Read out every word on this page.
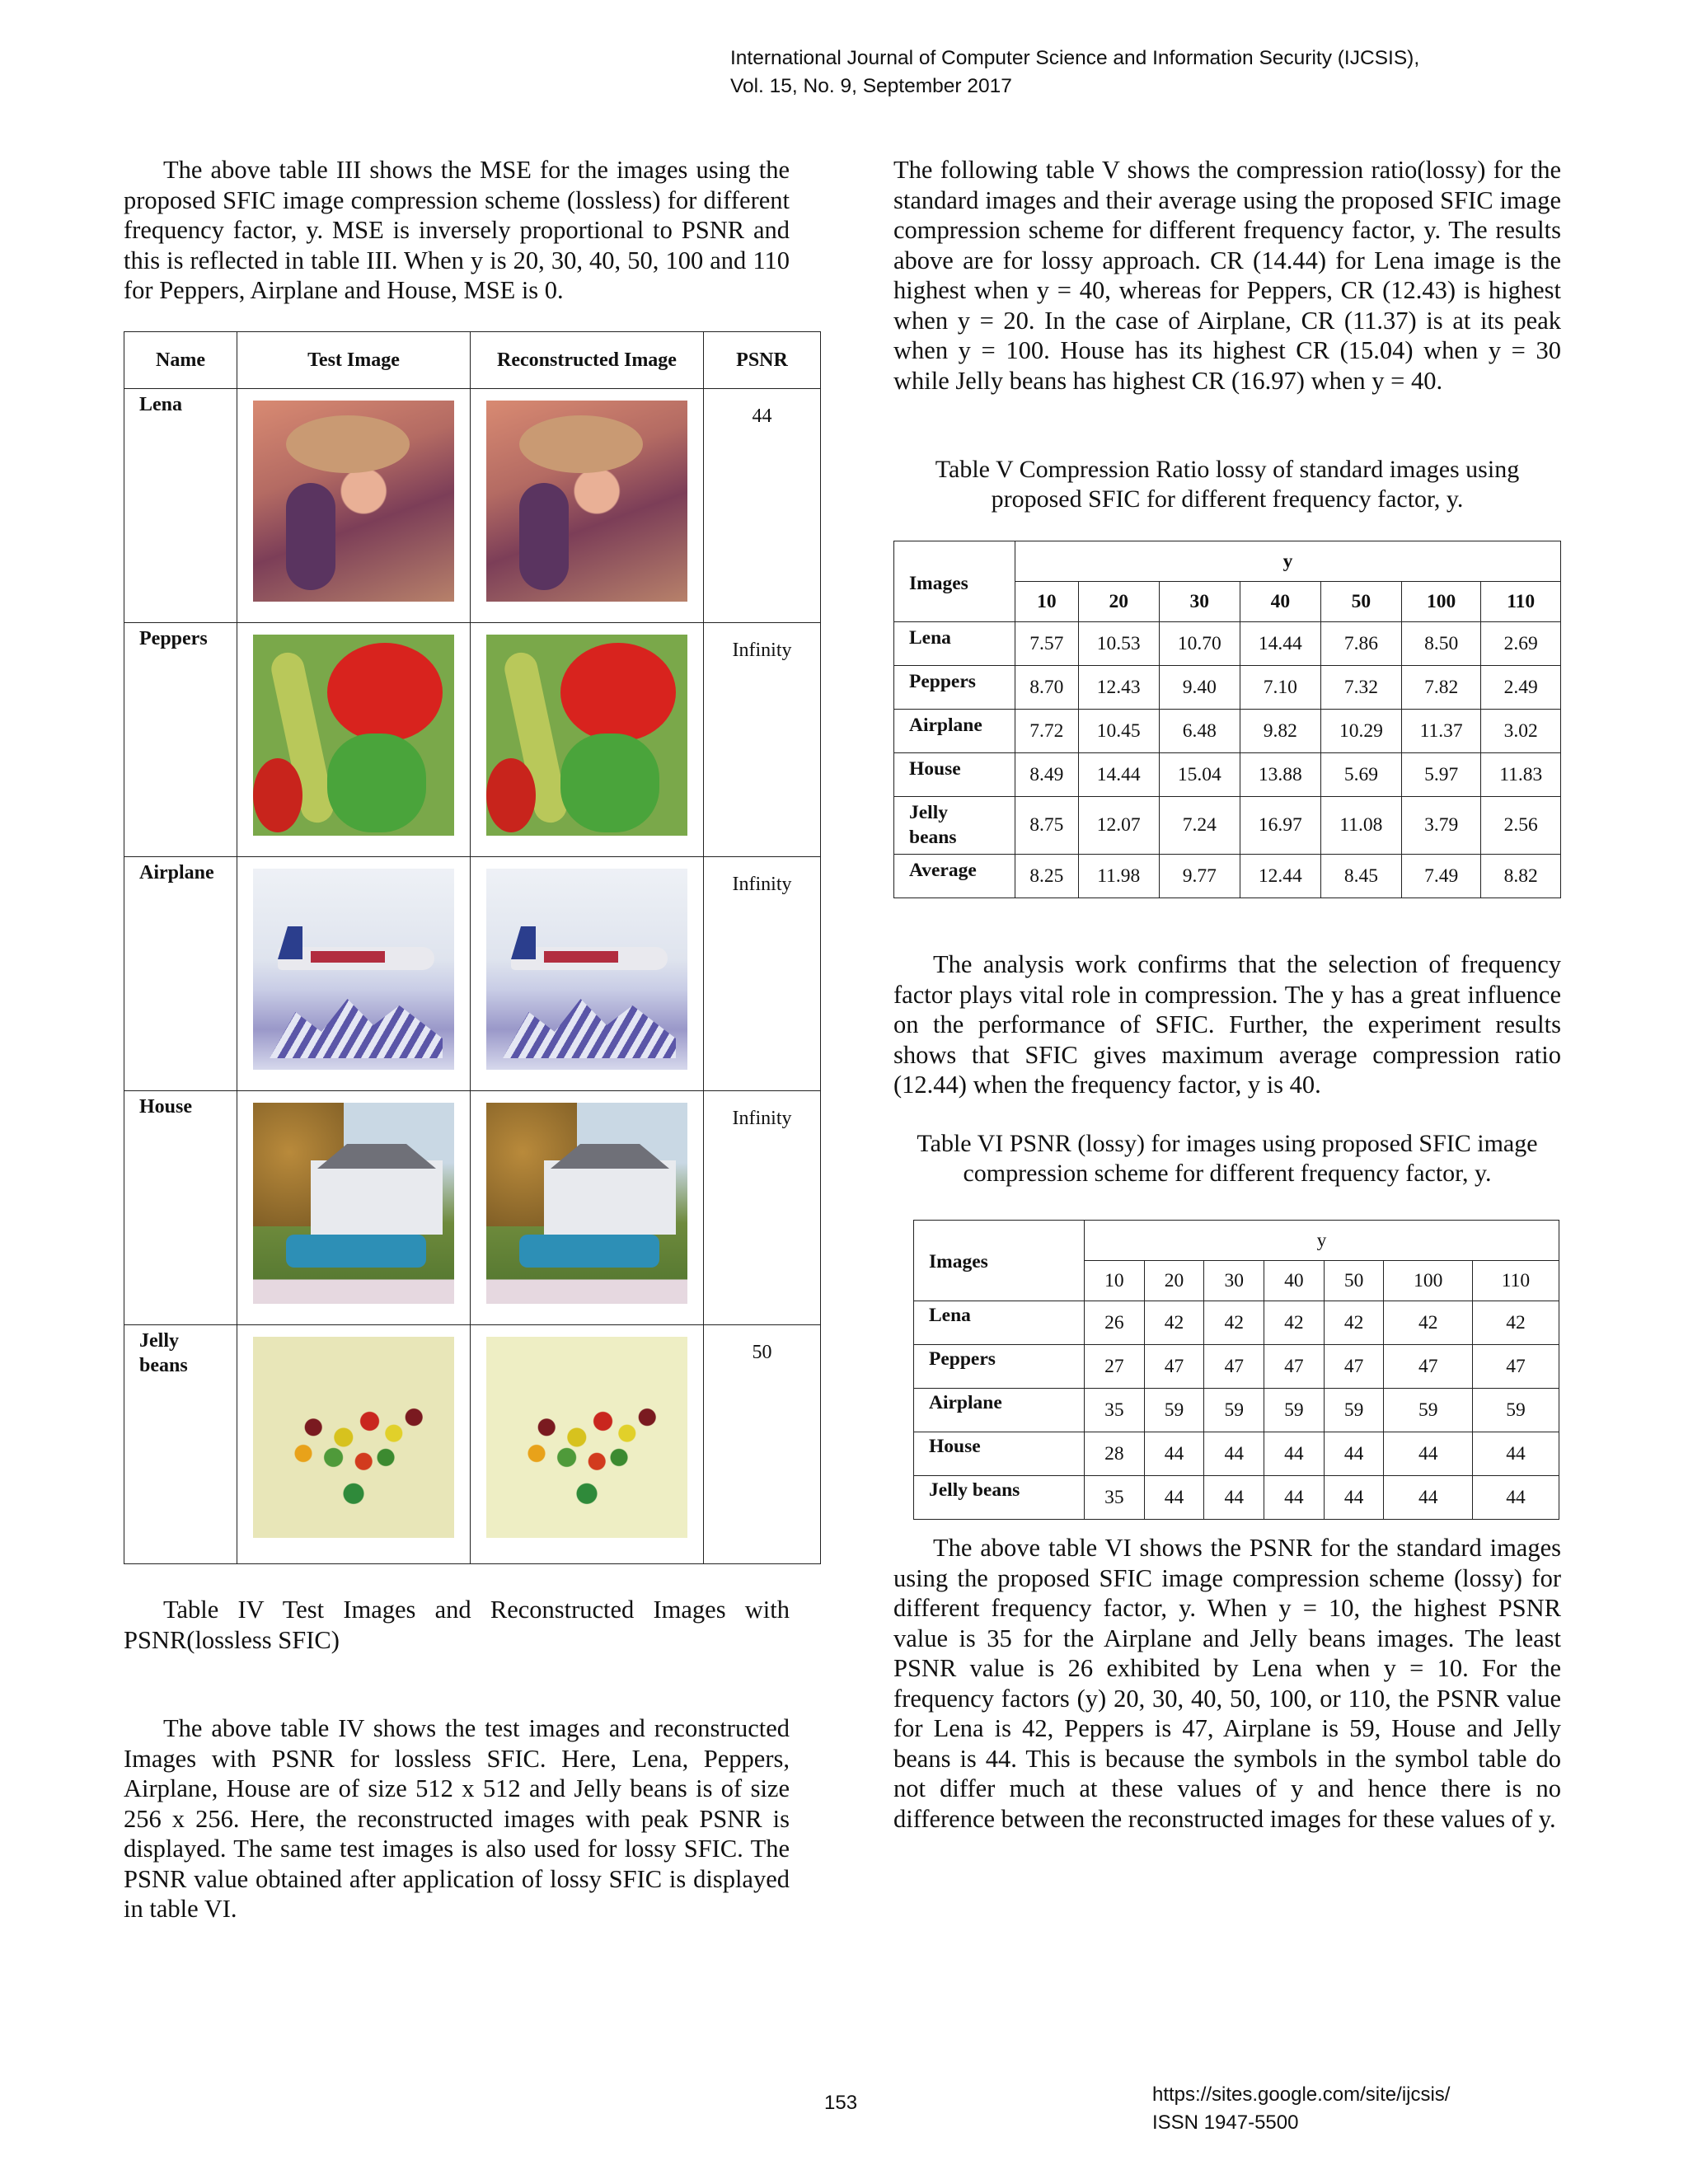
International Journal of Computer Science and Information Security (IJCSIS),
Vol. 15, No. 9, September 2017

The above table III shows the MSE for the images using the proposed SFIC image compression scheme (lossless) for different frequency factor, y. MSE is inversely proportional to PSNR and this is reflected in table III. When y is 20, 30, 40, 50, 100 and 110 for Peppers, Airplane and House, MSE is 0.

Name	Test Image	Reconstructed Image	PSNR
Lena			44
Peppers			Infinity
Airplane			Infinity
House			Infinity
Jelly beans			50

Table IV Test Images and Reconstructed Images with PSNR(lossless SFIC)

The above table IV shows the test images and reconstructed Images with PSNR for lossless SFIC. Here, Lena, Peppers, Airplane, House are of size 512 x 512 and Jelly beans is of size 256 x 256. Here, the reconstructed images with peak PSNR is displayed. The same test images is also used for lossy SFIC. The PSNR value obtained after application of lossy SFIC is displayed in table VI.

The following table V shows the compression ratio(lossy) for the standard images and their average using the proposed SFIC image compression scheme for different frequency factor, y. The results above are for lossy approach. CR (14.44) for Lena image is the highest when y = 40, whereas for Peppers, CR (12.43) is highest when y = 20. In the case of Airplane, CR (11.37) is at its peak when y = 100. House has its highest CR (15.04) when y = 30 while Jelly beans has highest CR (16.97) when y = 40.

Table V Compression Ratio lossy of standard images using proposed SFIC for different frequency factor, y.

Images	y						
	10	20	30	40	50	100	110
Lena	7.57	10.53	10.70	14.44	7.86	8.50	2.69
Peppers	8.70	12.43	9.40	7.10	7.32	7.82	2.49
Airplane	7.72	10.45	6.48	9.82	10.29	11.37	3.02
House	8.49	14.44	15.04	13.88	5.69	5.97	11.83
Jelly beans	8.75	12.07	7.24	16.97	11.08	3.79	2.56
Average	8.25	11.98	9.77	12.44	8.45	7.49	8.82

The analysis work confirms that the selection of frequency factor plays vital role in compression. The y has a great influence on the performance of SFIC. Further, the experiment results shows that SFIC gives maximum average compression ratio (12.44) when the frequency factor, y is 40.

Table VI PSNR (lossy) for images using proposed SFIC image compression scheme for different frequency factor, y.

Images	y						
	10	20	30	40	50	100	110
Lena	26	42	42	42	42	42	42
Peppers	27	47	47	47	47	47	47
Airplane	35	59	59	59	59	59	59
House	28	44	44	44	44	44	44
Jelly beans	35	44	44	44	44	44	44

The above table VI shows the PSNR for the standard images using the proposed SFIC image compression scheme (lossy) for different frequency factor, y. When y = 10, the highest PSNR value is 35 for the Airplane and Jelly beans images. The least PSNR value is 26 exhibited by Lena when y = 10. For the frequency factors (y) 20, 30, 40, 50, 100, or 110, the PSNR value for Lena is 42, Peppers is 47, Airplane is 59, House and Jelly beans is 44. This is because the symbols in the symbol table do not differ much at these values of y and hence there is no difference between the reconstructed images for these values of y.

153	https://sites.google.com/site/ijcsis/
ISSN 1947-5500
